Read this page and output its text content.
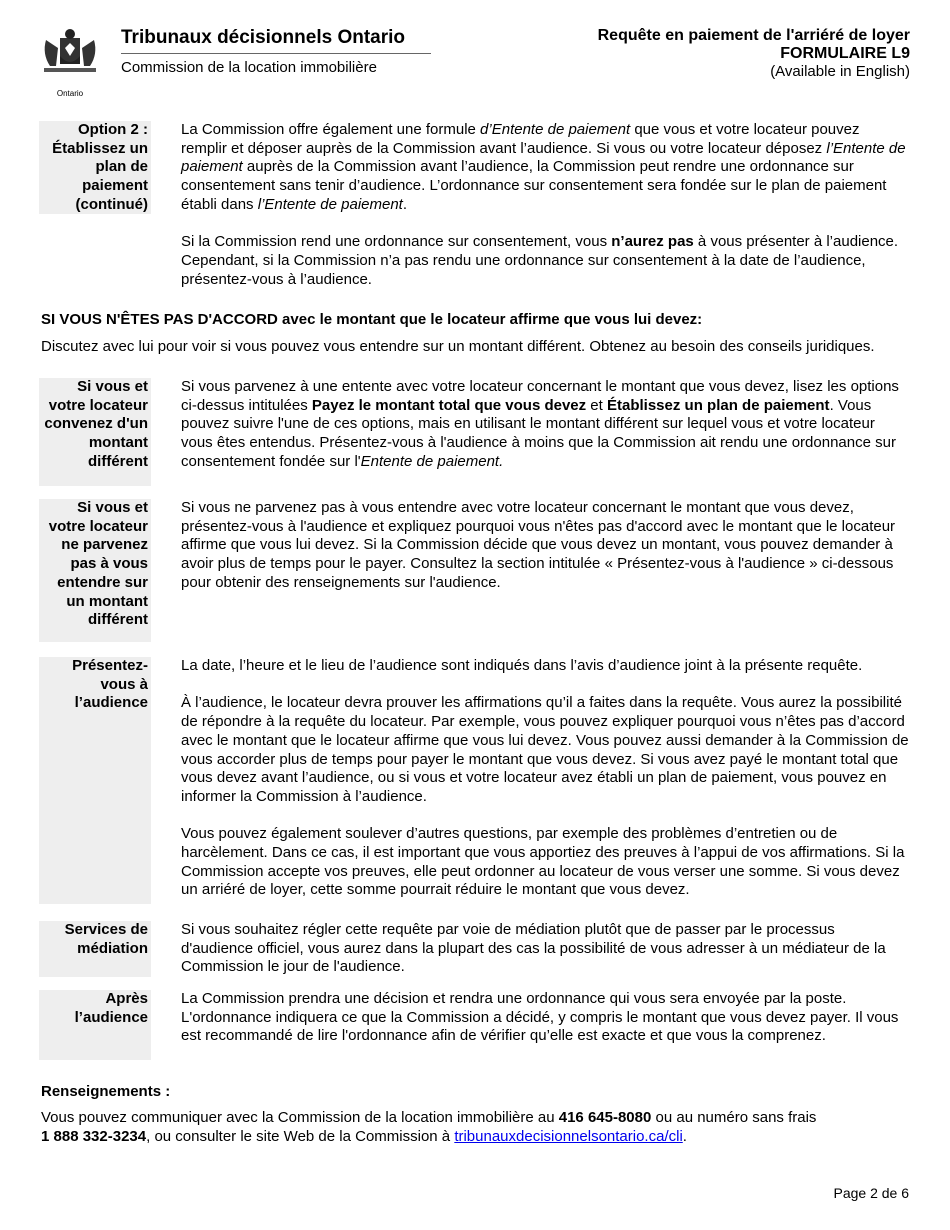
Ontario
Tribunaux décisionnels Ontario
Commission de la location immobilière
Requête en paiement de l'arriéré de loyer
FORMULAIRE L9
(Available in English)
Option 2 : Établissez un plan de paiement (continué)

La Commission offre également une formule d’Entente de paiement que vous et votre locateur pouvez remplir et déposer auprès de la Commission avant l’audience. Si vous ou votre locateur déposez l’Entente de paiement auprès de la Commission avant l’audience, la Commission peut rendre une ordonnance sur consentement sans tenir d’audience. L’ordonnance sur consentement sera fondée sur le plan de paiement établi dans l’Entente de paiement.

Si la Commission rend une ordonnance sur consentement, vous n’aurez pas à vous présenter à l’audience. Cependant, si la Commission n’a pas rendu une ordonnance sur consentement à la date de l’audience, présentez-vous à l’audience.

SI VOUS N'ÊTES PAS D'ACCORD avec le montant que le locateur affirme que vous lui devez:
Discutez avec lui pour voir si vous pouvez vous entendre sur un montant différent. Obtenez au besoin des conseils juridiques.
Si vous et votre locateur convenez d'un montant différent
Si vous parvenez à une entente avec votre locateur concernant le montant que vous devez, lisez les options ci-dessus intitulées Payez le montant total que vous devez et Établissez un plan de paiement. Vous pouvez suivre l'une de ces options, mais en utilisant le montant différent sur lequel vous et votre locateur vous êtes entendus. Présentez-vous à l'audience à moins que la Commission ait rendu une ordonnance sur consentement fondée sur l'Entente de paiement.
Si vous et votre locateur ne parvenez pas à vous entendre sur un montant différent
Si vous ne parvenez pas à vous entendre avec votre locateur concernant le montant que vous devez, présentez-vous à l'audience et expliquez pourquoi vous n'êtes pas d'accord avec le montant que le locateur affirme que vous lui devez. Si la Commission décide que vous devez un montant, vous pouvez demander à avoir plus de temps pour le payer. Consultez la section intitulée « Présentez-vous à l'audience » ci-dessous pour obtenir des renseignements sur l'audience.
Présentez-vous à l’audience

La date, l’heure et le lieu de l’audience sont indiqués dans l’avis d’audience joint à la présente requête.

À l’audience, le locateur devra prouver les affirmations qu’il a faites dans la requête. Vous aurez la possibilité de répondre à la requête du locateur. Par exemple, vous pouvez expliquer pourquoi vous n’êtes pas d’accord avec le montant que le locateur affirme que vous lui devez. Vous pouvez aussi demander à la Commission de vous accorder plus de temps pour payer le montant que vous devez. Si vous avez payé le montant total que vous devez avant l’audience, ou si vous et votre locateur avez établi un plan de paiement, vous pouvez en informer la Commission à l’audience.

Vous pouvez également soulever d’autres questions, par exemple des problèmes d’entretien ou de harcèlement. Dans ce cas, il est important que vous apportiez des preuves à l’appui de vos affirmations. Si la Commission accepte vos preuves, elle peut ordonner au locateur de vous verser une somme. Si vous devez un arriéré de loyer, cette somme pourrait réduire le montant que vous devez.

Services de médiation
Si vous souhaitez régler cette requête par voie de médiation plutôt que de passer par le processus d'audience officiel, vous aurez dans la plupart des cas la possibilité de vous adresser à un médiateur de la Commission le jour de l'audience.
Après l’audience
La Commission prendra une décision et rendra une ordonnance qui vous sera envoyée par la poste. L'ordonnance indiquera ce que la Commission a décidé, y compris le montant que vous devez payer. Il vous est recommandé de lire l'ordonnance afin de vérifier qu’elle est exacte et que vous la comprenez.
Renseignements :
Vous pouvez communiquer avec la Commission de la location immobilière au 416 645-8080 ou au numéro sans frais
1 888 332-3234, ou consulter le site Web de la Commission à tribunauxdecisionnelsontario.ca/cli.
Page 2 de 6
